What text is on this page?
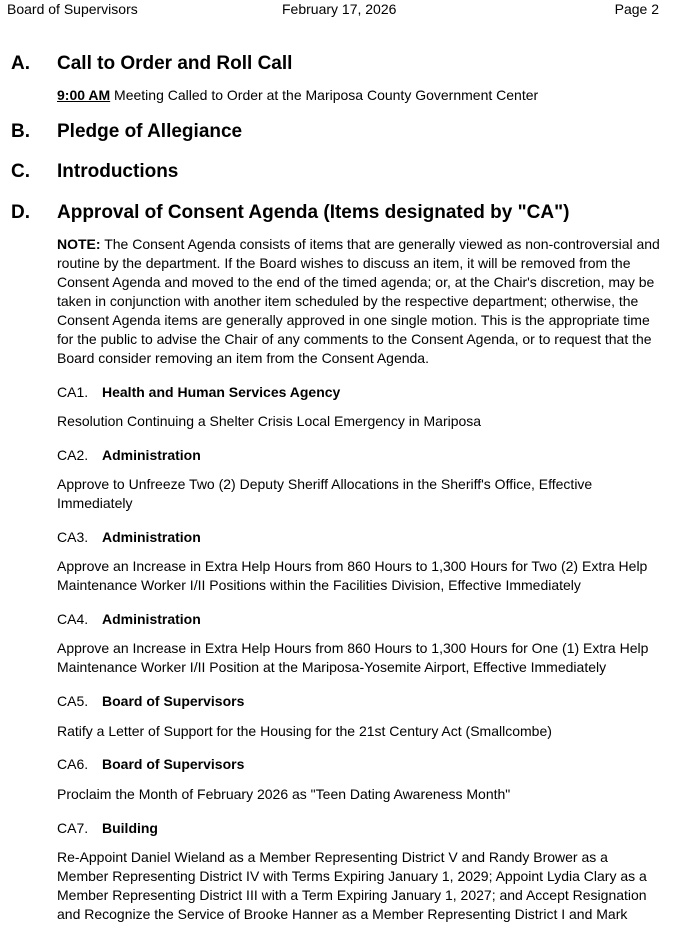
Board of Supervisors	February 17, 2026	Page 2
A. Call to Order and Roll Call
9:00 AM Meeting Called to Order at the Mariposa County Government Center
B. Pledge of Allegiance
C. Introductions
D. Approval of Consent Agenda (Items designated by "CA")
NOTE: The Consent Agenda consists of items that are generally viewed as non-controversial and routine by the department. If the Board wishes to discuss an item, it will be removed from the Consent Agenda and moved to the end of the timed agenda; or, at the Chair's discretion, may be taken in conjunction with another item scheduled by the respective department; otherwise, the Consent Agenda items are generally approved in one single motion. This is the appropriate time for the public to advise the Chair of any comments to the Consent Agenda, or to request that the Board consider removing an item from the Consent Agenda.
CA1. Health and Human Services Agency
Resolution Continuing a Shelter Crisis Local Emergency in Mariposa
CA2. Administration
Approve to Unfreeze Two (2) Deputy Sheriff Allocations in the Sheriff's Office, Effective Immediately
CA3. Administration
Approve an Increase in Extra Help Hours from 860 Hours to 1,300 Hours for Two (2) Extra Help Maintenance Worker I/II Positions within the Facilities Division, Effective Immediately
CA4. Administration
Approve an Increase in Extra Help Hours from 860 Hours to 1,300 Hours for One (1) Extra Help Maintenance Worker I/II Position at the Mariposa-Yosemite Airport, Effective Immediately
CA5. Board of Supervisors
Ratify a Letter of Support for the Housing for the 21st Century Act (Smallcombe)
CA6. Board of Supervisors
Proclaim the Month of February 2026 as "Teen Dating Awareness Month"
CA7. Building
Re-Appoint Daniel Wieland as a Member Representing District V and Randy Brower as a Member Representing District IV with Terms Expiring January 1, 2029; Appoint Lydia Clary as a Member Representing District III with a Term Expiring January 1, 2027; and Accept Resignation and Recognize the Service of Brooke Hanner as a Member Representing District I and Mark
